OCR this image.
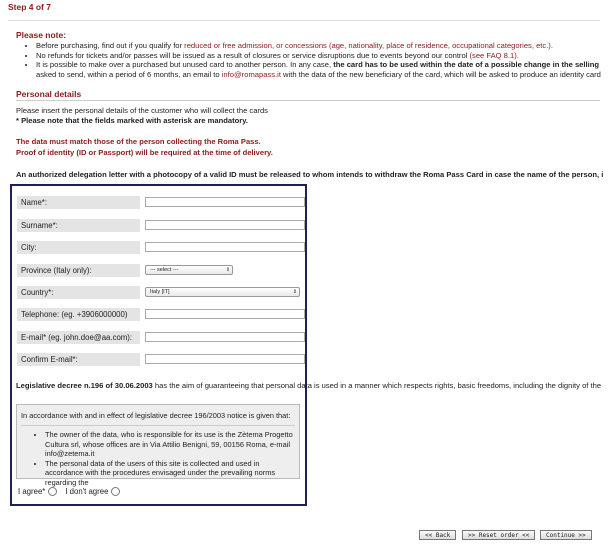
Step 4 of 7
Please note:
• Before purchasing, find out if you qualify for reduced or free admission, or concessions (age, nationality, place of residence, occupational categories, etc.).
• No refunds for tickets and/or passes will be issued as a result of closures or service disruptions due to events beyond our control (see FAQ 8.1).
• It is possible to make over a purchased but unused card to another person. In any case, the card has to be used within the date of a possible change in the selling
asked to send, within a period of 6 months, an email to info@romapass.it with the data of the new beneficiary of the card, which will be asked to produce an identity card
Personal details
Please insert the personal details of the customer who will collect the cards
* Please note that the fields marked with asterisk are mandatory.
The data must match those of the person collecting the Roma Pass.
Proof of identity (ID or Passport) will be required at the time of delivery.
An authorized delegation letter with a photocopy of a valid ID must be released to whom intends to withdraw the Roma Pass Card in case the name of the person, i
Name*:
Surname*:
City:
Province (Italy only):	--- select ---	⇕
Country*:	Italy [IT]	⇕
Telephone: (eg. +3906000000)
E-mail* (eg. john.doe@aa.com):
Confirm E-mail*:
Legislative decree n.196 of 30.06.2003 has the aim of guaranteeing that personal data is used in a manner which respects rights, basic freedoms, including the dignity of the
In accordance with and in effect of legislative decree 196/2003 notice is given that:
• The owner of the data, who is responsible for its use is the Zètema Progetto Cultura srl, whose offices are in Via Attilio Benigni, 59, 00156 Roma, e-mail info@zetema.it
• The personal data of the users of this site is collected and used in accordance with the procedures envisaged under the prevailing norms regarding the
I agree*	I don't agree
<< Back	>> Reset order <<	Continue >>
